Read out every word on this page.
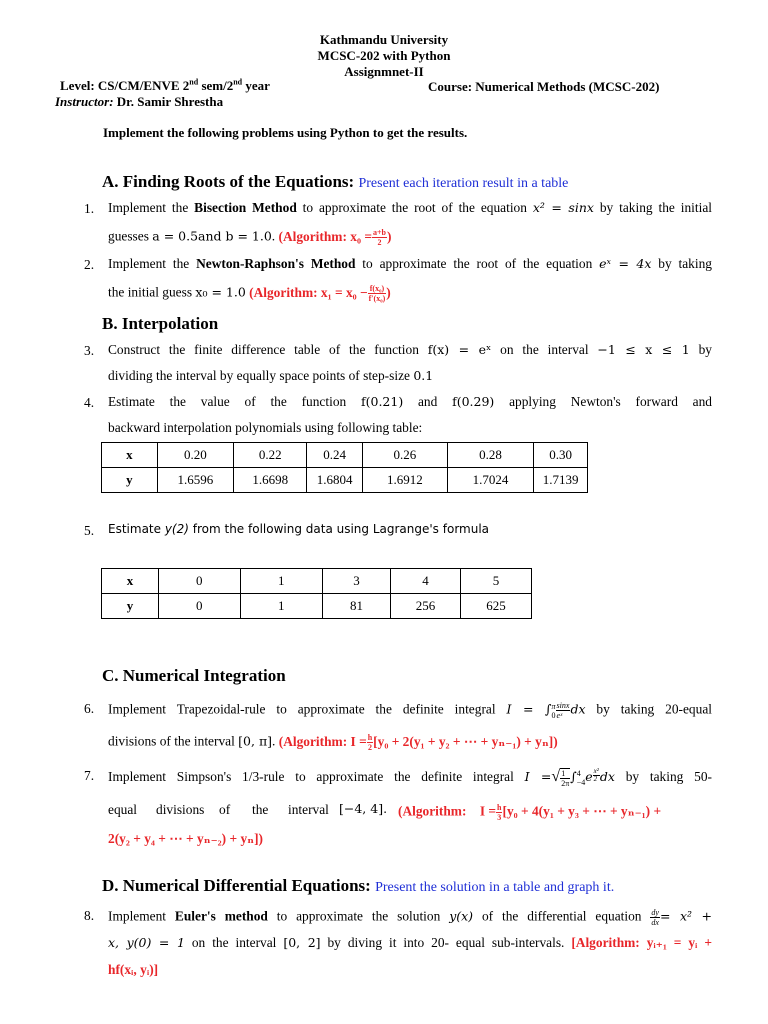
Kathmandu University
MCSC-202 with Python
Assignmnet-II
Level: CS/CM/ENVE 2nd sem/2nd year	Course: Numerical Methods (MCSC-202)
Instructor: Dr. Samir Shrestha
Implement the following problems using Python to get the results.
A. Finding Roots of the Equations: Present each iteration result in a table
1. Implement the Bisection Method to approximate the root of the equation x² = sinx by taking the initial
guesses a = 0.5and b = 1.0. (Algorithm: $x_0 = \frac{a+b}{2}$ )
2. Implement the Newton-Raphson's Method to approximate the root of the equation eˣ = 4x by taking
the initial guess x₀ = 1.0 (Algorithm: $x_1 = x_0 - \frac{\text{f(x₀)}}{\text{f′(x₀)}}$ )
B. Interpolation
3. Construct the finite difference table of the function f(x) = eˣ on the interval −1 ≤ x ≤ 1 by
dividing the interval by equally space points of step-size 0.1
4. Estimate the value of the function f(0.21) and f(0.29) applying Newton's forward and
backward interpolation polynomials using following table:
x	0.20	0.22	0.24	0.26	0.28	0.30
y	1.6596	1.6698	1.6804	1.6912	1.7024	1.7139
5. Estimate y(2) from the following data using Lagrange's formula
x	0	1	3	4	5
y	0	1	81	256	625
C. Numerical Integration
6. Implement Trapezoidal-rule to approximate the definite integral I = ∫ π
$0 \frac{\sin x}{\text{eˣ}}$ dx by taking 20-equal
divisions of the interval [0, π]. (Algorithm: $I = \frac{h}{2} [y_0 + 2(y_1 + y_2$ + ⋯ + yₙ₋₁) + yₙ])
7. Implement Simpson's 1/3-rule to approximate the definite integral I =√ $\frac{1}{2\pi}$ ∫ 4
−4 e $\frac{\text{x²}}{2}$ dx by taking 50-
equal divisions of the interval [−4, 4]. (Algorithm: $I = \frac{h}{3} [y_0 + 4(y_1 + y_3$ + ⋯ + yₙ₋₁) +
2(y₂ + y₄ + ⋯ + yₙ₋₂) + yₙ])
D. Numerical Differential Equations: Present the solution in a table and graph it.
8. Implement Euler's method to approximate the solution y(x) of the differential equation $\frac{dy}{dx} = x^2$ +
x, y(0) = 1 on the interval [0, 2] by diving it into 20- equal sub-intervals. [Algorithm: yᵢ₊₁ = yᵢ +
hf(xᵢ, yᵢ)]
